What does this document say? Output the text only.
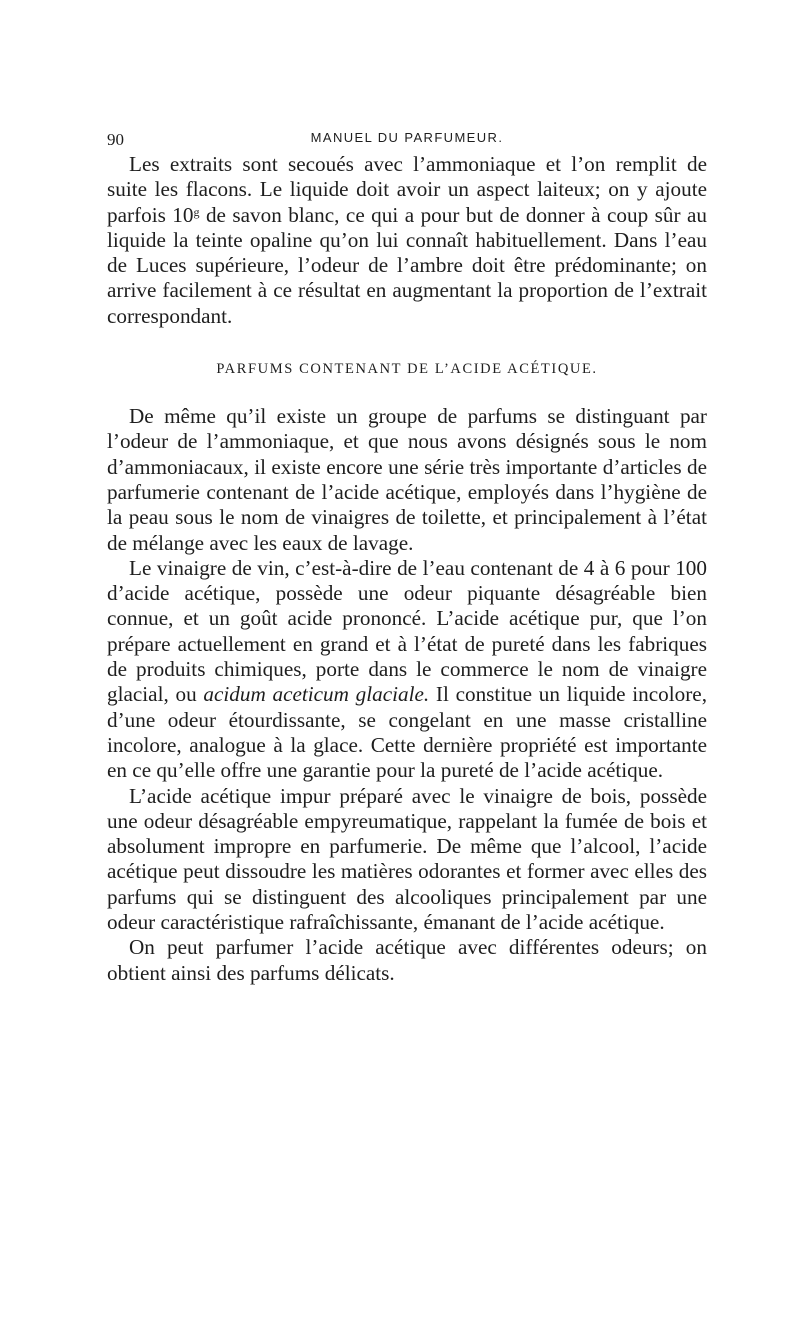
90	MANUEL DU PARFUMEUR.

Les extraits sont secoués avec l’ammoniaque et l’on remplit de suite les flacons. Le liquide doit avoir un aspect laiteux; on y ajoute parfois 10$^g$ de savon blanc, ce qui a pour but de donner à coup sûr au liquide la teinte opaline qu’on lui connaît habituellement. Dans l’eau de Luces supérieure, l’odeur de l’ambre doit être prédominante; on arrive facilement à ce résultat en augmentant la proportion de l’extrait correspondant.

PARFUMS CONTENANT DE L’ACIDE ACÉTIQUE.

De même qu’il existe un groupe de parfums se distinguant par l’odeur de l’ammoniaque, et que nous avons désignés sous le nom d’ammoniacaux, il existe encore une série très importante d’articles de parfumerie contenant de l’acide acétique, employés dans l’hygiène de la peau sous le nom de vinaigres de toilette, et principalement à l’état de mélange avec les eaux de lavage.

Le vinaigre de vin, c’est-à-dire de l’eau contenant de 4 à 6 pour 100 d’acide acétique, possède une odeur piquante désagréable bien connue, et un goût acide prononcé. L’acide acétique pur, que l’on prépare actuellement en grand et à l’état de pureté dans les fabriques de produits chimiques, porte dans le commerce le nom de vinaigre glacial, ou acidum aceticum glaciale. Il constitue un liquide incolore, d’une odeur étourdissante, se congelant en une masse cristalline incolore, analogue à la glace. Cette dernière propriété est importante en ce qu’elle offre une garantie pour la pureté de l’acide acétique.

L’acide acétique impur préparé avec le vinaigre de bois, possède une odeur désagréable empyreumatique, rappelant la fumée de bois et absolument impropre en parfumerie. De même que l’alcool, l’acide acétique peut dissoudre les matières odorantes et former avec elles des parfums qui se distinguent des alcooliques principalement par une odeur caractéristique rafraîchissante, émanant de l’acide acétique.

On peut parfumer l’acide acétique avec différentes odeurs; on obtient ainsi des parfums délicats.
